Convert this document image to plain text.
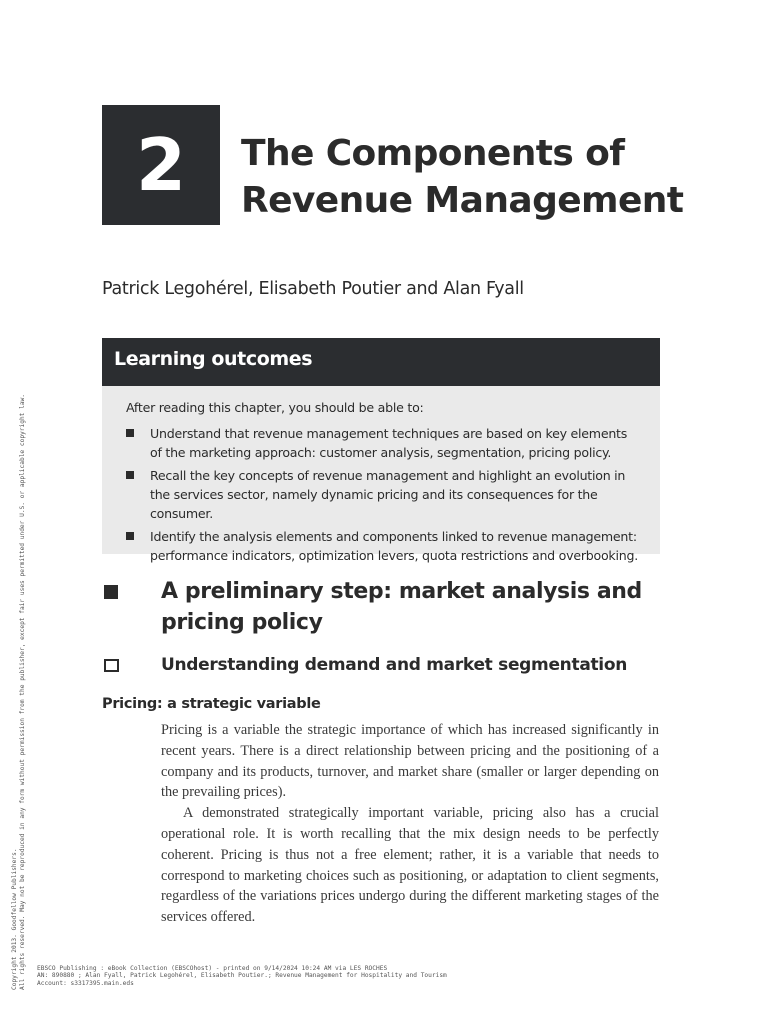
2 The Components of
Revenue Management
Patrick Legohérel, Elisabeth Poutier and Alan Fyall
Learning outcomes
After reading this chapter, you should be able to:
Understand that revenue management techniques are based on key elements of the marketing approach: customer analysis, segmentation, pricing policy.
Recall the key concepts of revenue management and highlight an evolution in the services sector, namely dynamic pricing and its consequences for the consumer.
Identify the analysis elements and components linked to revenue management: performance indicators, optimization levers, quota restrictions and overbooking.
A preliminary step: market analysis and
pricing policy
Understanding demand and market segmentation
Pricing: a strategic variable

Pricing is a variable the strategic importance of which has increased significantly in recent years. There is a direct relationship between pricing and the positioning of a company and its products, turnover, and market share (smaller or larger depending on the prevailing prices).

A demonstrated strategically important variable, pricing also has a crucial operational role. It is worth recalling that the mix design needs to be perfectly coherent. Pricing is thus not a free element; rather, it is a variable that needs to correspond to marketing choices such as positioning, or adaptation to client segments, regardless of the variations prices undergo during the different marketing stages of the services offered.

EBSCO Publishing : eBook Collection (EBSCOhost) - printed on 9/14/2024 10:24 AM via LES ROCHES
AN: 890880 ; Alan Fyall, Patrick Legohérel, Elisabeth Poutier.; Revenue Management for Hospitality and Tourism
Account: s3317395.main.eds
Copyright 2013. Goodfellow Publishers. All rights reserved. May not be reproduced in any form without permission from the publisher, except fair uses permitted under U.S. or applicable copyright law.
